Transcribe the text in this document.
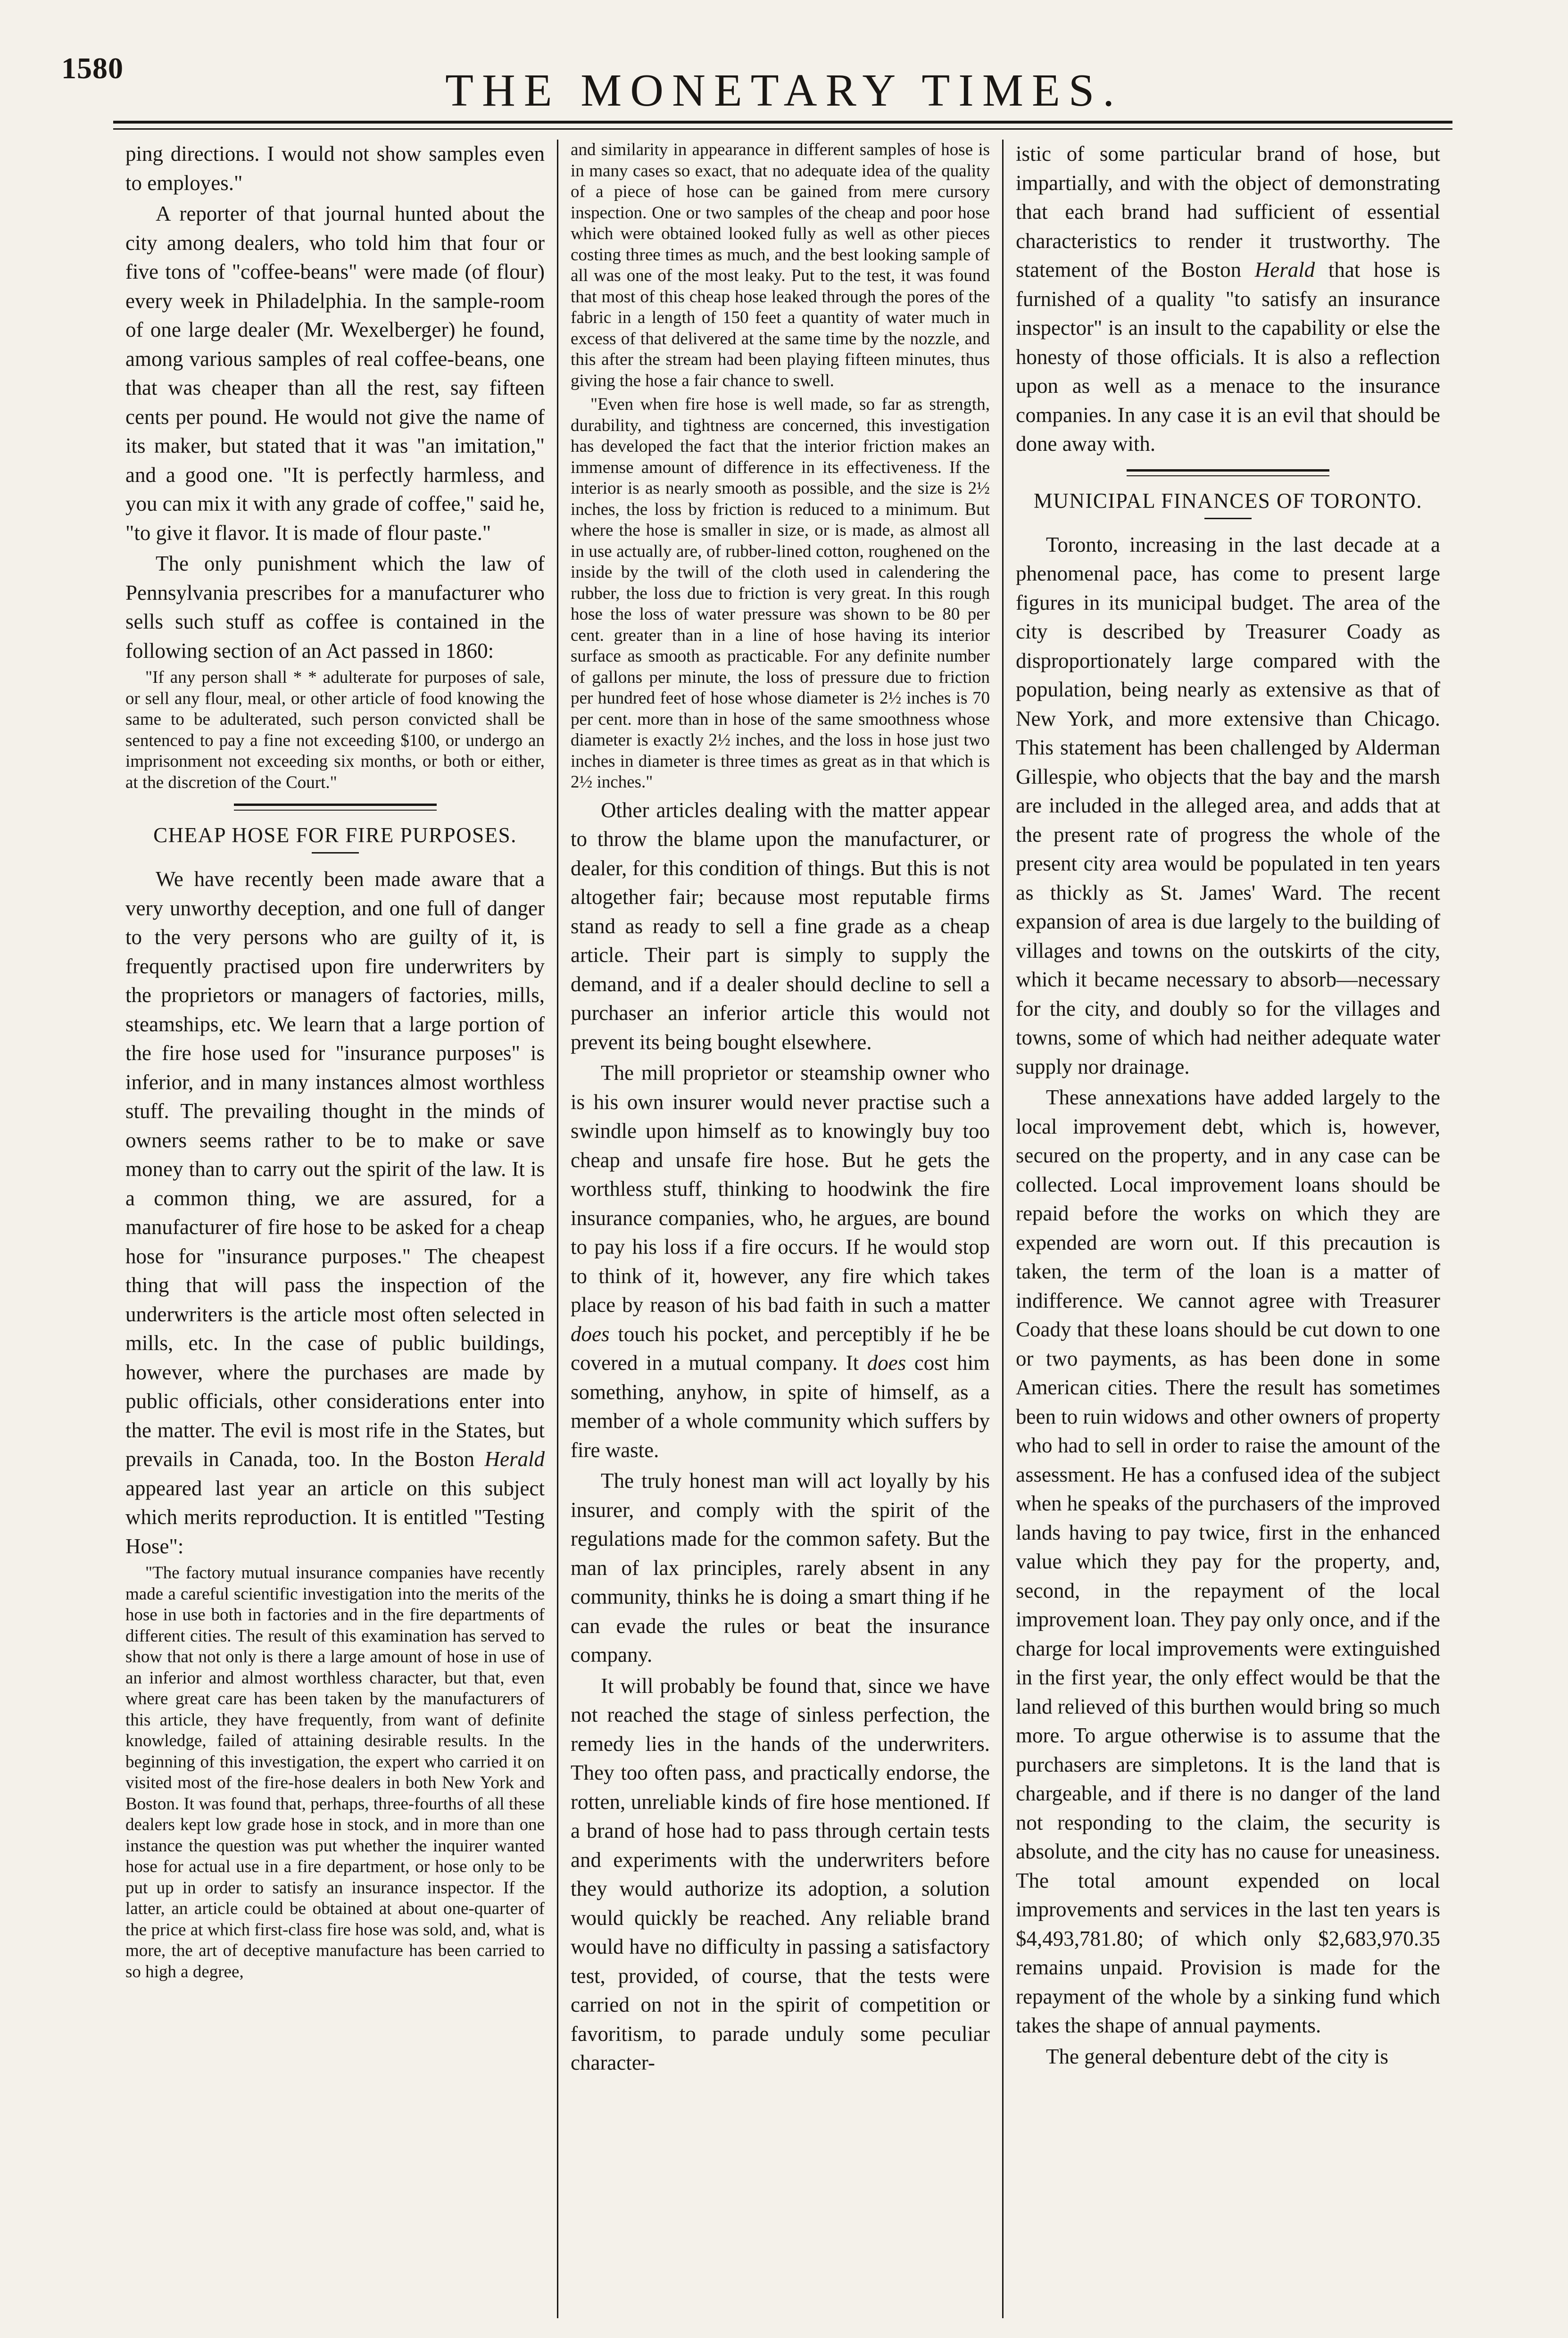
1580	THE MONETARY TIMES.

ping directions. I would not show samples even to employes."

A reporter of that journal hunted about the city among dealers, who told him that four or five tons of "coffee-beans" were made (of flour) every week in Philadelphia. In the sample-room of one large dealer (Mr. Wexelberger) he found, among various samples of real coffee-beans, one that was cheaper than all the rest, say fifteen cents per pound. He would not give the name of its maker, but stated that it was "an imitation," and a good one. "It is perfectly harmless, and you can mix it with any grade of coffee," said he, "to give it flavor. It is made of flour paste."

The only punishment which the law of Pennsylvania prescribes for a manufacturer who sells such stuff as coffee is contained in the following section of an Act passed in 1860:

"If any person shall * * adulterate for purposes of sale, or sell any flour, meal, or other article of food knowing the same to be adulterated, such person convicted shall be sentenced to pay a fine not exceeding $100, or undergo an imprisonment not exceeding six months, or both or either, at the discretion of the Court."

CHEAP HOSE FOR FIRE PURPOSES.

We have recently been made aware that a very unworthy deception, and one full of danger to the very persons who are guilty of it, is frequently practised upon fire underwriters by the proprietors or managers of factories, mills, steamships, etc. We learn that a large portion of the fire hose used for "insurance purposes" is inferior, and in many instances almost worthless stuff. The prevailing thought in the minds of owners seems rather to be to make or save money than to carry out the spirit of the law. It is a common thing, we are assured, for a manufacturer of fire hose to be asked for a cheap hose for "insurance purposes." The cheapest thing that will pass the inspection of the underwriters is the article most often selected in mills, etc. In the case of public buildings, however, where the purchases are made by public officials, other considerations enter into the matter. The evil is most rife in the States, but prevails in Canada, too. In the Boston Herald appeared last year an article on this subject which merits reproduction. It is entitled "Testing Hose":

"The factory mutual insurance companies have recently made a careful scientific investigation into the merits of the hose in use both in factories and in the fire departments of different cities. The result of this examination has served to show that not only is there a large amount of hose in use of an inferior and almost worthless character, but that, even where great care has been taken by the manufacturers of this article, they have frequently, from want of definite knowledge, failed of attaining desirable results. In the beginning of this investigation, the expert who carried it on visited most of the fire-hose dealers in both New York and Boston. It was found that, perhaps, three-fourths of all these dealers kept low grade hose in stock, and in more than one instance the question was put whether the inquirer wanted hose for actual use in a fire department, or hose only to be put up in order to satisfy an insurance inspector. If the latter, an article could be obtained at about one-quarter of the price at which first-class fire hose was sold, and, what is more, the art of deceptive manufacture has been carried to so high a degree,

and similarity in appearance in different samples of hose is in many cases so exact, that no adequate idea of the quality of a piece of hose can be gained from mere cursory inspection. One or two samples of the cheap and poor hose which were obtained looked fully as well as other pieces costing three times as much, and the best looking sample of all was one of the most leaky. Put to the test, it was found that most of this cheap hose leaked through the pores of the fabric in a length of 150 feet a quantity of water much in excess of that delivered at the same time by the nozzle, and this after the stream had been playing fifteen minutes, thus giving the hose a fair chance to swell.

"Even when fire hose is well made, so far as strength, durability, and tightness are concerned, this investigation has developed the fact that the interior friction makes an immense amount of difference in its effectiveness. If the interior is as nearly smooth as possible, and the size is 2½ inches, the loss by friction is reduced to a minimum. But where the hose is smaller in size, or is made, as almost all in use actually are, of rubber-lined cotton, roughened on the inside by the twill of the cloth used in calendering the rubber, the loss due to friction is very great. In this rough hose the loss of water pressure was shown to be 80 per cent. greater than in a line of hose having its interior surface as smooth as practicable. For any definite number of gallons per minute, the loss of pressure due to friction per hundred feet of hose whose diameter is 2½ inches is 70 per cent. more than in hose of the same smoothness whose diameter is exactly 2½ inches, and the loss in hose just two inches in diameter is three times as great as in that which is 2½ inches."

Other articles dealing with the matter appear to throw the blame upon the manufacturer, or dealer, for this condition of things. But this is not altogether fair; because most reputable firms stand as ready to sell a fine grade as a cheap article. Their part is simply to supply the demand, and if a dealer should decline to sell a purchaser an inferior article this would not prevent its being bought elsewhere.

The mill proprietor or steamship owner who is his own insurer would never practise such a swindle upon himself as to knowingly buy too cheap and unsafe fire hose. But he gets the worthless stuff, thinking to hoodwink the fire insurance companies, who, he argues, are bound to pay his loss if a fire occurs. If he would stop to think of it, however, any fire which takes place by reason of his bad faith in such a matter does touch his pocket, and perceptibly if he be covered in a mutual company. It does cost him something, anyhow, in spite of himself, as a member of a whole community which suffers by fire waste.

The truly honest man will act loyally by his insurer, and comply with the spirit of the regulations made for the common safety. But the man of lax principles, rarely absent in any community, thinks he is doing a smart thing if he can evade the rules or beat the insurance company.

It will probably be found that, since we have not reached the stage of sinless perfection, the remedy lies in the hands of the underwriters. They too often pass, and practically endorse, the rotten, unreliable kinds of fire hose mentioned. If a brand of hose had to pass through certain tests and experiments with the underwriters before they would authorize its adoption, a solution would quickly be reached. Any reliable brand would have no difficulty in passing a satisfactory test, provided, of course, that the tests were carried on not in the spirit of competition or favoritism, to parade unduly some peculiar character-

istic of some particular brand of hose, but impartially, and with the object of demonstrating that each brand had sufficient of essential characteristics to render it trustworthy. The statement of the Boston Herald that hose is furnished of a quality "to satisfy an insurance inspector" is an insult to the capability or else the honesty of those officials. It is also a reflection upon as well as a menace to the insurance companies. In any case it is an evil that should be done away with.

MUNICIPAL FINANCES OF TORONTO.

Toronto, increasing in the last decade at a phenomenal pace, has come to present large figures in its municipal budget. The area of the city is described by Treasurer Coady as disproportionately large compared with the population, being nearly as extensive as that of New York, and more extensive than Chicago. This statement has been challenged by Alderman Gillespie, who objects that the bay and the marsh are included in the alleged area, and adds that at the present rate of progress the whole of the present city area would be populated in ten years as thickly as St. James' Ward. The recent expansion of area is due largely to the building of villages and towns on the outskirts of the city, which it became necessary to absorb—necessary for the city, and doubly so for the villages and towns, some of which had neither adequate water supply nor drainage.

These annexations have added largely to the local improvement debt, which is, however, secured on the property, and in any case can be collected. Local improvement loans should be repaid before the works on which they are expended are worn out. If this precaution is taken, the term of the loan is a matter of indifference. We cannot agree with Treasurer Coady that these loans should be cut down to one or two payments, as has been done in some American cities. There the result has sometimes been to ruin widows and other owners of property who had to sell in order to raise the amount of the assessment. He has a confused idea of the subject when he speaks of the purchasers of the improved lands having to pay twice, first in the enhanced value which they pay for the property, and, second, in the repayment of the local improvement loan. They pay only once, and if the charge for local improvements were extinguished in the first year, the only effect would be that the land relieved of this burthen would bring so much more. To argue otherwise is to assume that the purchasers are simpletons. It is the land that is chargeable, and if there is no danger of the land not responding to the claim, the security is absolute, and the city has no cause for uneasiness. The total amount expended on local improvements and services in the last ten years is $4,493,781.80; of which only $2,683,970.35 remains unpaid. Provision is made for the repayment of the whole by a sinking fund which takes the shape of annual payments.

The general debenture debt of the city is
